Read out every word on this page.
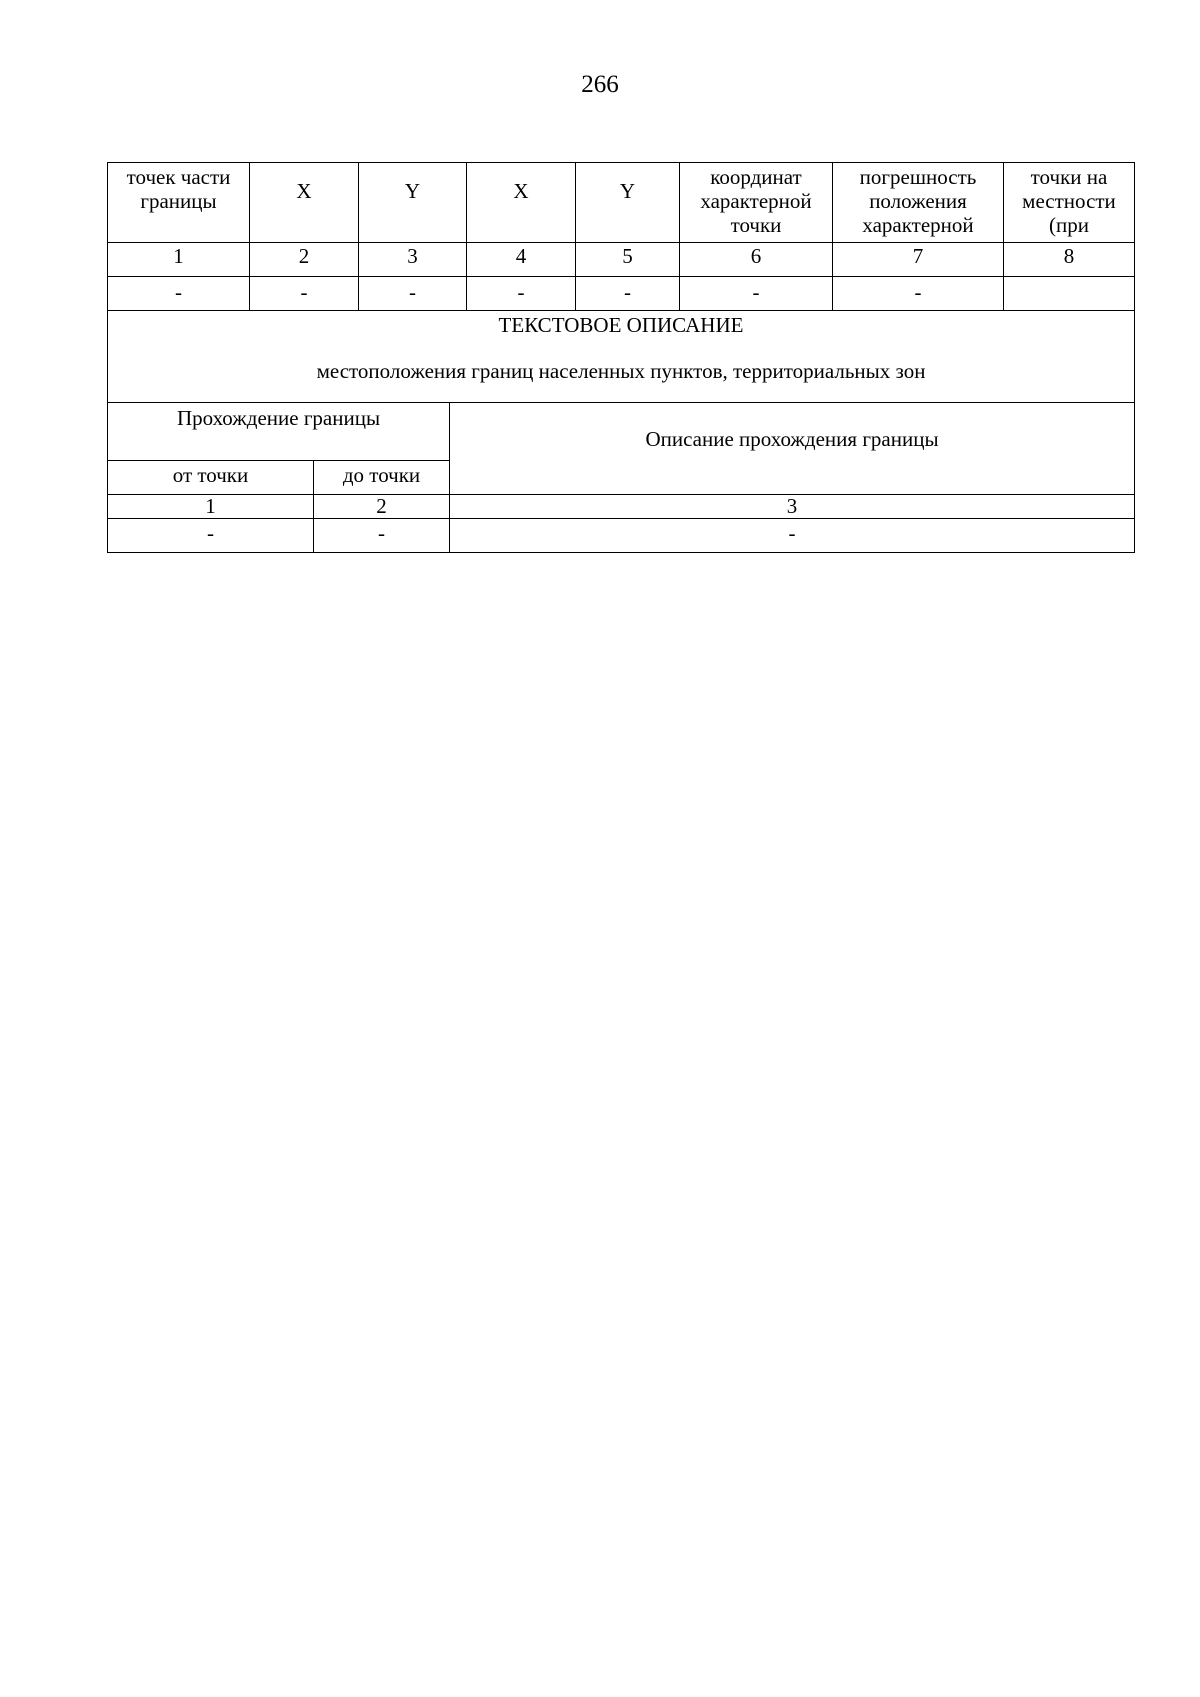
266
точек части границы	X	Y	X	Y	координат характерной точки	погрешность положения характерной	точки на местности (при
1	2	3	4	5	6	7	8
-	-	-	-	-	-	-	

ТЕКСТОВОЕ ОПИСАНИЕ
местоположения границ населенных пунктов, территориальных зон							
Прохождение границы		Описание прохождения границы
от точки	до точки	
1	2	3
-	-	-
